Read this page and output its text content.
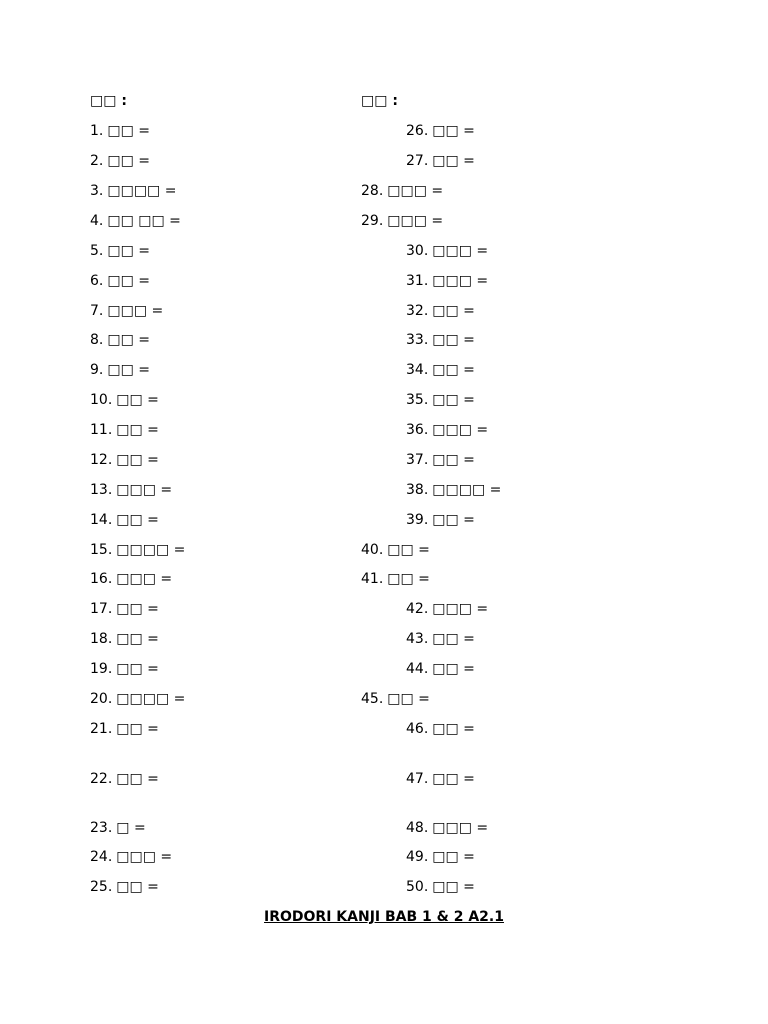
□□ :	□□ :
1. □□ =
2. □□ =
3. □□□□ =
4. □□ □□ =
5. □□ =
6. □□ =
7. □□□ =
8. □□ =
9. □□ =
10. □□ =
11. □□ =
12. □□ =
13. □□□ =
14. □□ =
15. □□□□ =
16. □□□ =
17. □□ =
18. □□ =
19. □□ =
20. □□□□ =
21. □□ =
22. □□ =
23. □ =
24. □□□ =
25. □□ =
26. □□ =
27. □□ =
28. □□□ =
29. □□□ =
30. □□□ =
31. □□□ =
32. □□ =
33. □□ =
34. □□ =
35. □□ =
36. □□□ =
37. □□ =
38. □□□□ =
39. □□ =
40. □□ =
41. □□ =
42. □□□ =
43. □□ =
44. □□ =
45. □□ =
46. □□ =
47. □□ =
48. □□□ =
49. □□ =
50. □□ =
IRODORI KANJI BAB 1 & 2 A2.1
